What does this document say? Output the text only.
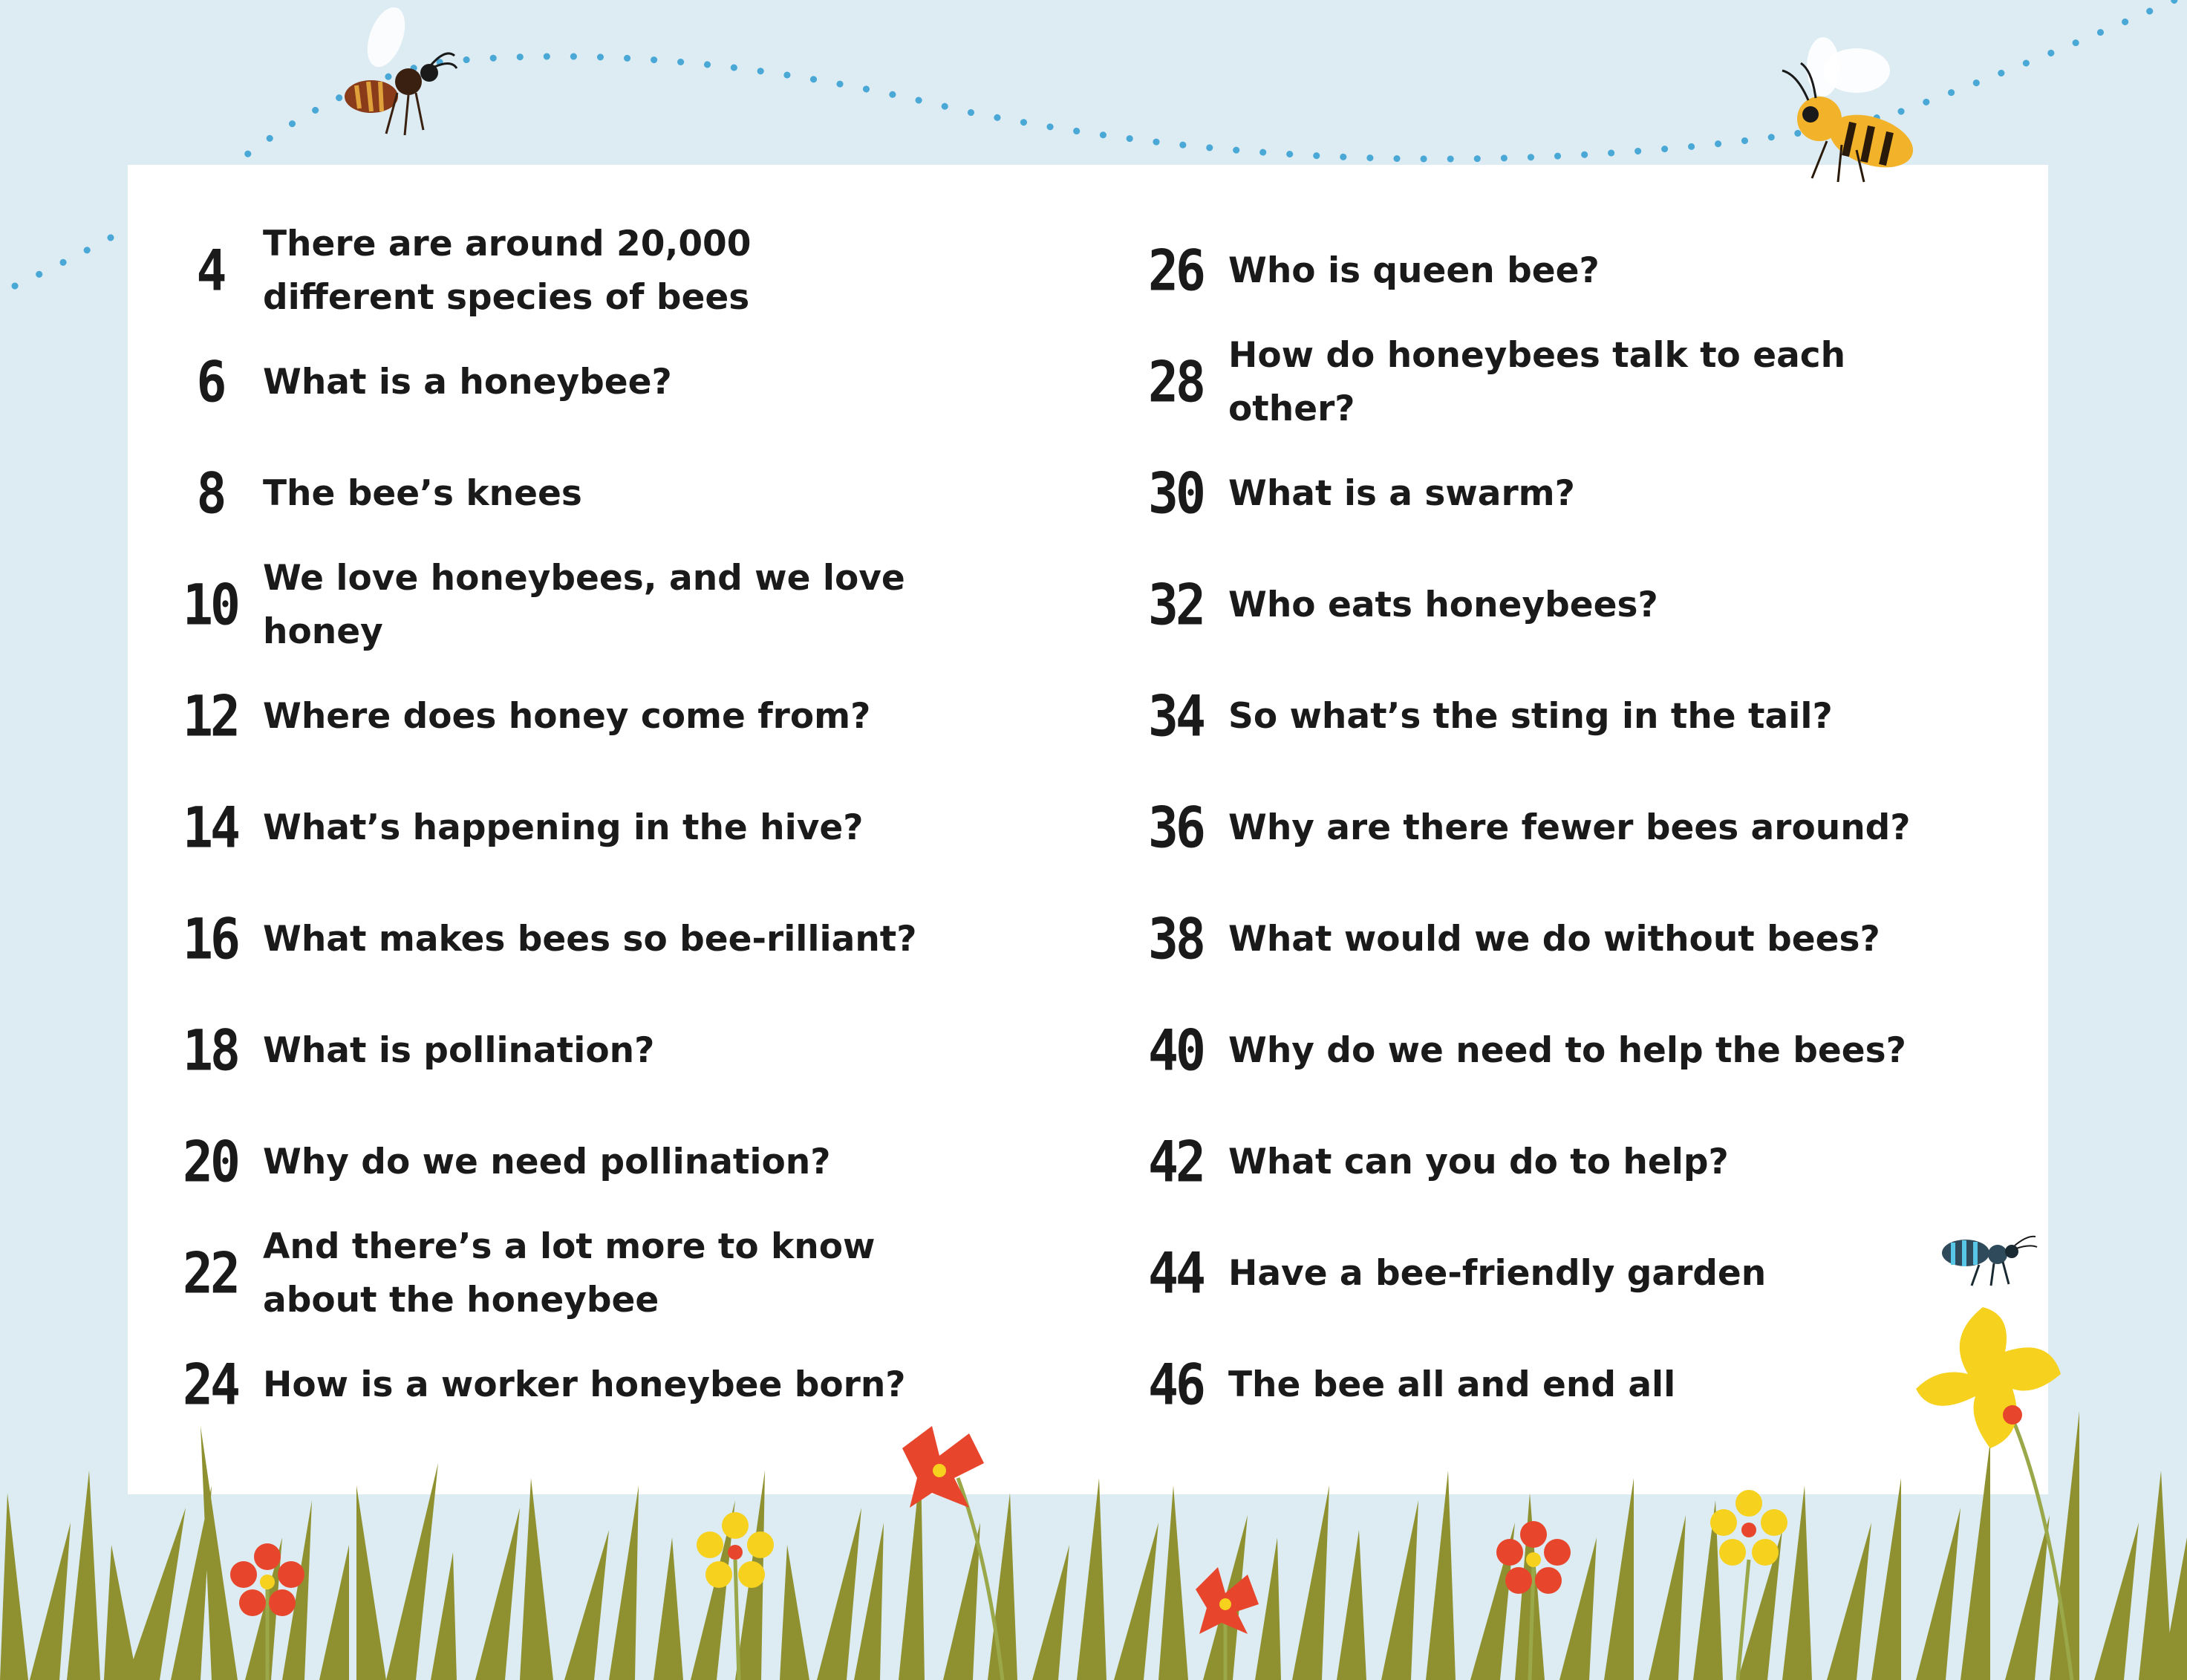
4	There are around 20,000 different species of bees
6	What is a honeybee?
8	The bee’s knees
10 We love honeybees, and we love honey
12 Where does honey come from?
14 What’s happening in the hive?
16 What makes bees so bee-rilliant?
18 What is pollination?
20 Why do we need pollination?
22 And there’s a lot more to know about the honeybee
24 How is a worker honeybee born?
26 Who is queen bee?
28 How do honeybees talk to each other?
30 What is a swarm?
32 Who eats honeybees?
34 So what’s the sting in the tail?
36 Why are there fewer bees around?
38 What would we do without bees?
40 Why do we need to help the bees?
42 What can you do to help?
44 Have a bee-friendly garden
46 The bee all and end all
